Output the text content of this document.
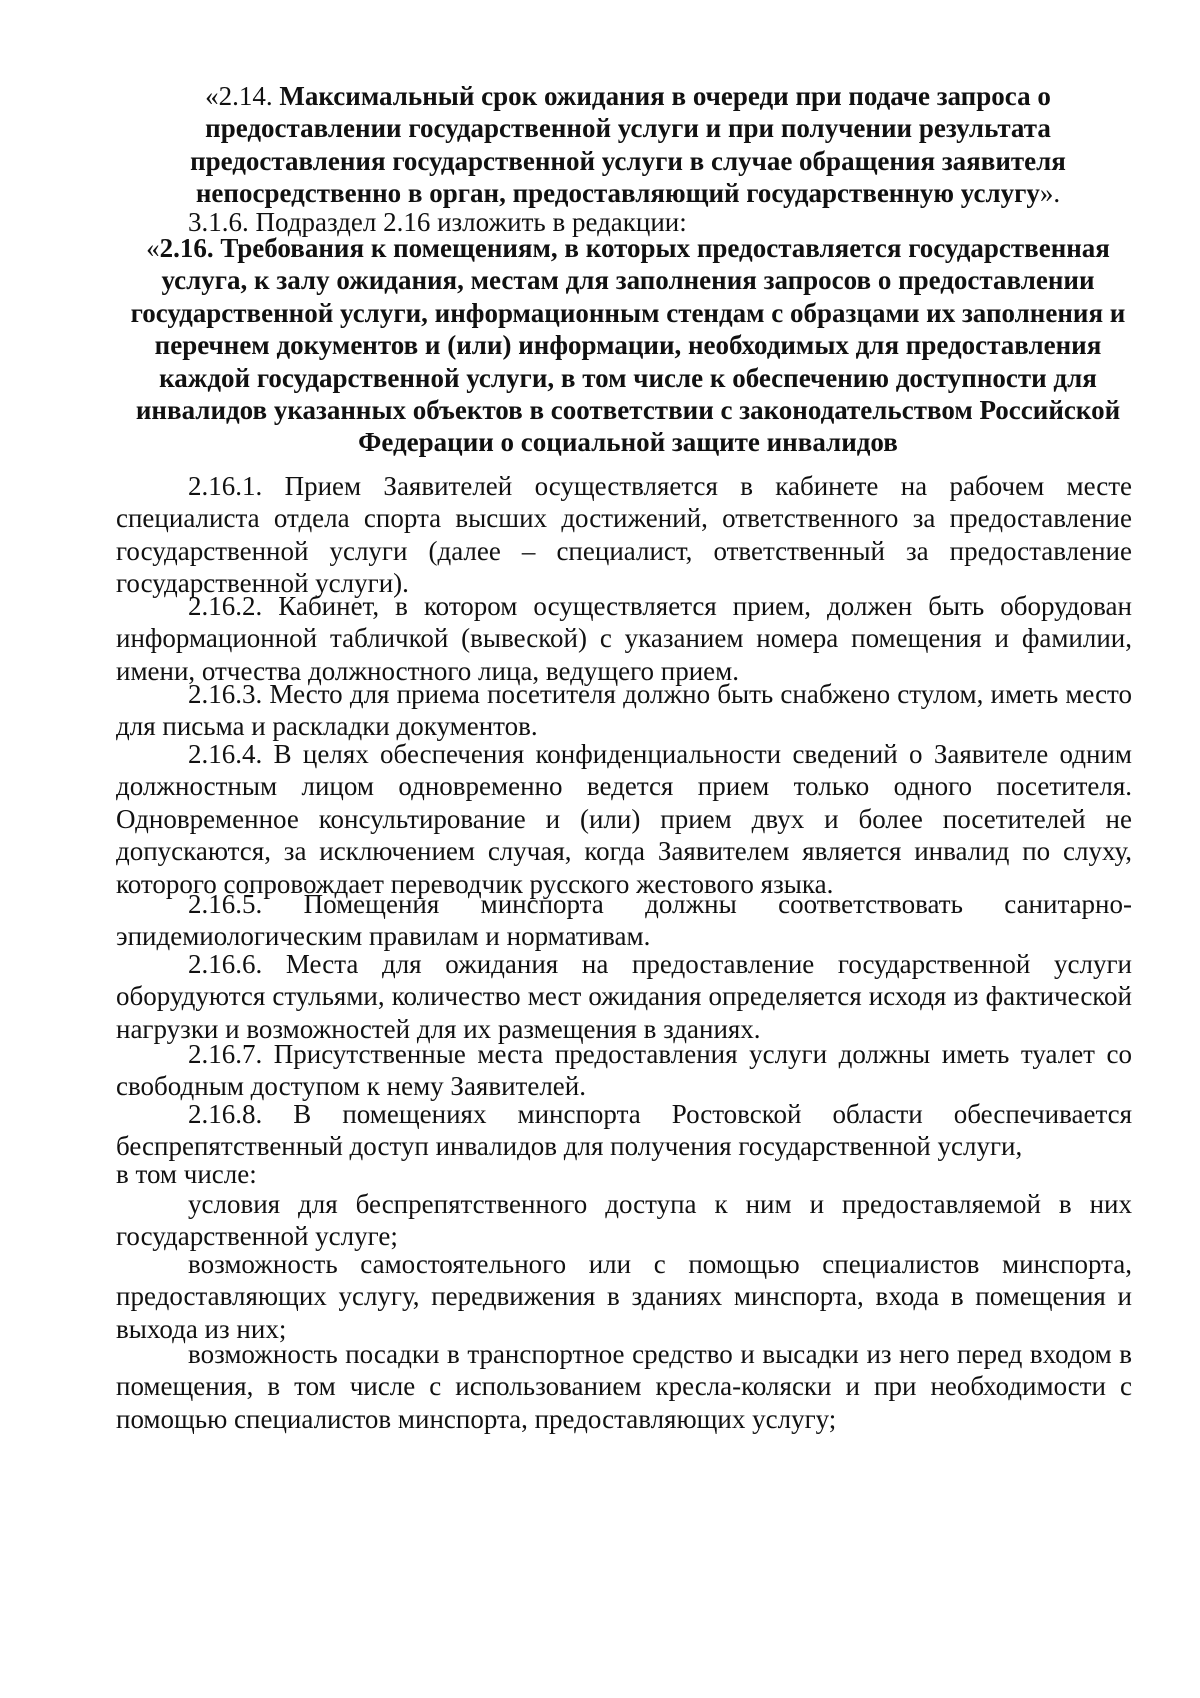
«2.14. Максимальный срок ожидания в очереди при подаче запроса о предоставлении государственной услуги и при получении результата предоставления государственной услуги в случае обращения заявителя непосредственно в орган, предоставляющий государственную услугу».
3.1.6. Подраздел 2.16 изложить в редакции:
«2.16. Требования к помещениям, в которых предоставляется государственная услуга, к залу ожидания, местам для заполнения запросов о предоставлении государственной услуги, информационным стендам с образцами их заполнения и перечнем документов и (или) информации, необходимых для предоставления каждой государственной услуги, в том числе к обеспечению доступности для инвалидов указанных объектов в соответствии с законодательством Российской Федерации о социальной защите инвалидов
2.16.1. Прием Заявителей осуществляется в кабинете на рабочем месте специалиста отдела спорта высших достижений, ответственного за предоставление государственной услуги (далее – специалист, ответственный за предоставление государственной услуги).
2.16.2. Кабинет, в котором осуществляется прием, должен быть оборудован информационной табличкой (вывеской) с указанием номера помещения и фамилии, имени, отчества должностного лица, ведущего прием.
2.16.3. Место для приема посетителя должно быть снабжено стулом, иметь место для письма и раскладки документов.
2.16.4. В целях обеспечения конфиденциальности сведений о Заявителе одним должностным лицом одновременно ведется прием только одного посетителя. Одновременное консультирование и (или) прием двух и более посетителей не допускаются, за исключением случая, когда Заявителем является инвалид по слуху, которого сопровождает переводчик русского жестового языка.
2.16.5. Помещения минспорта должны соответствовать санитарно-эпидемиологическим правилам и нормативам.
2.16.6. Места для ожидания на предоставление государственной услуги оборудуются стульями, количество мест ожидания определяется исходя из фактической нагрузки и возможностей для их размещения в зданиях.
2.16.7. Присутственные места предоставления услуги должны иметь туалет со свободным доступом к нему Заявителей.
2.16.8. В помещениях минспорта Ростовской области обеспечивается беспрепятственный доступ инвалидов для получения государственной услуги,
в том числе:
условия для беспрепятственного доступа к ним и предоставляемой в них государственной услуге;
возможность самостоятельного или с помощью специалистов минспорта, предоставляющих услугу, передвижения в зданиях минспорта, входа в помещения и выхода из них;
возможность посадки в транспортное средство и высадки из него перед входом в помещения, в том числе с использованием кресла-коляски и при необходимости с помощью специалистов минспорта, предоставляющих услугу;
